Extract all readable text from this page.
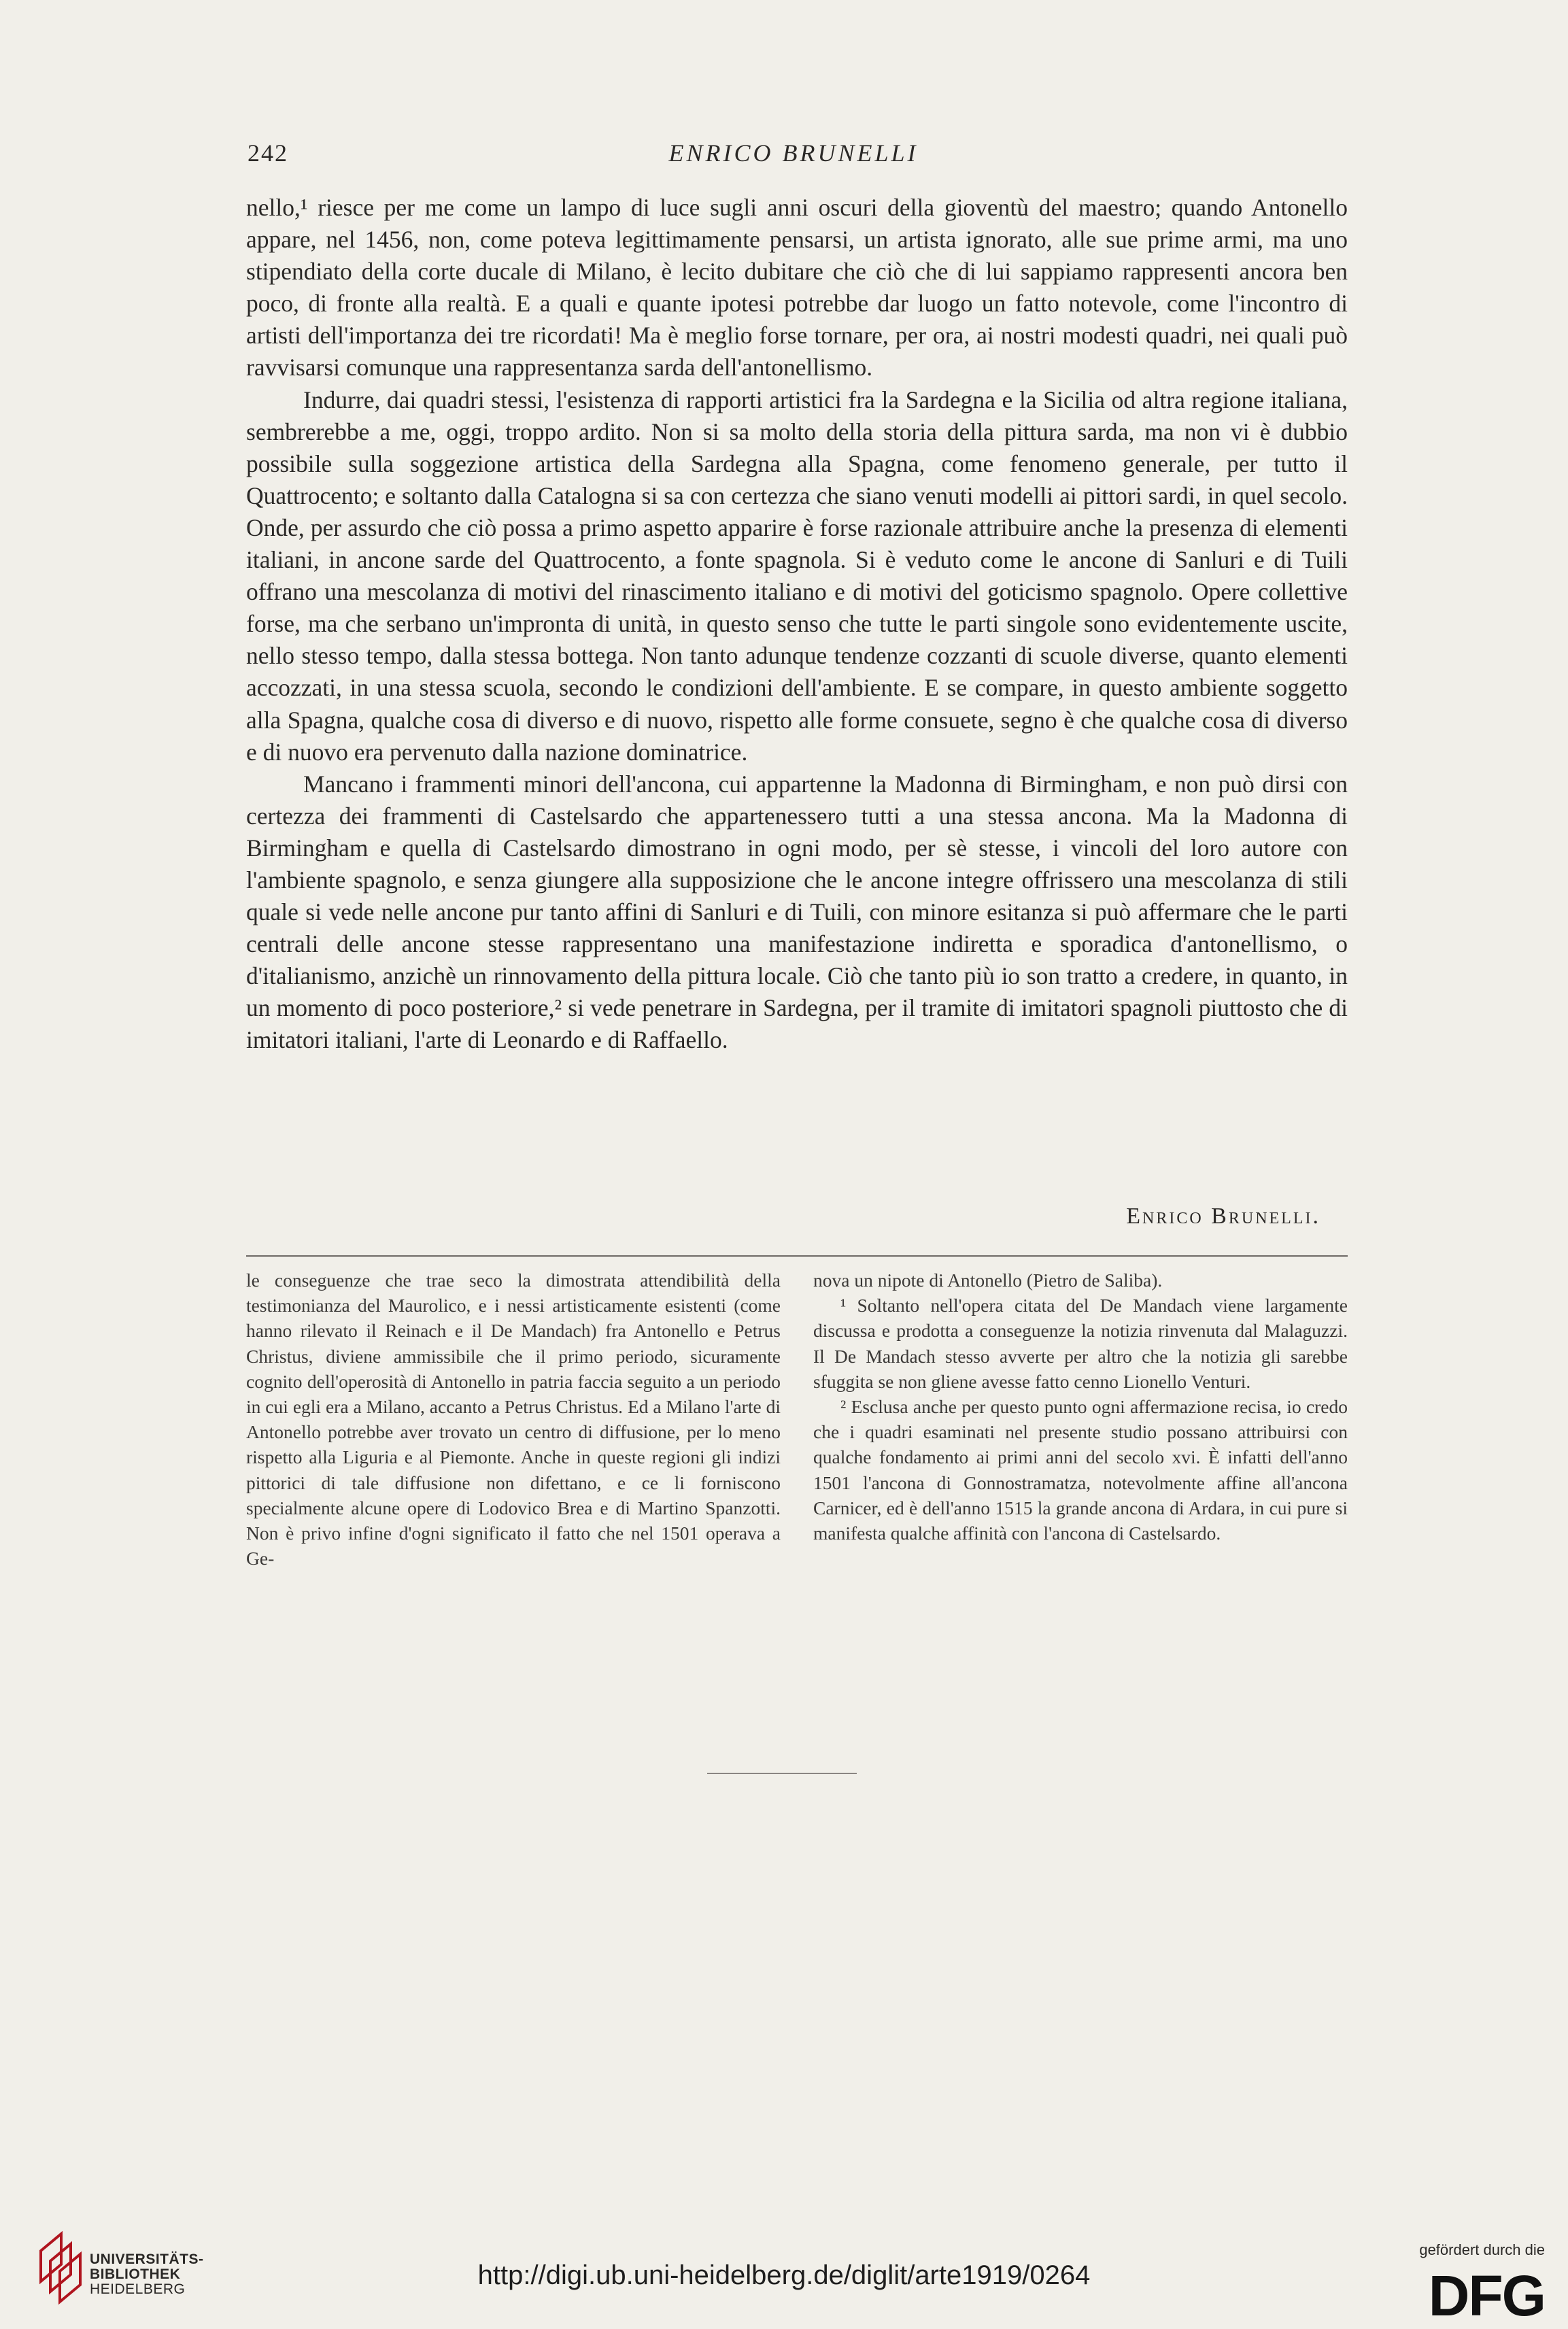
242	ENRICO BRUNELLI

nello,¹ riesce per me come un lampo di luce sugli anni oscuri della gioventù del maestro; quando Antonello appare, nel 1456, non, come poteva legittimamente pensarsi, un artista ignorato, alle sue prime armi, ma uno stipendiato della corte ducale di Milano, è lecito dubitare che ciò che di lui sappiamo rappresenti ancora ben poco, di fronte alla realtà. E a quali e quante ipotesi potrebbe dar luogo un fatto notevole, come l'incontro di artisti dell'importanza dei tre ricordati! Ma è meglio forse tornare, per ora, ai nostri modesti quadri, nei quali può ravvisarsi comunque una rappresentanza sarda dell'antonellismo.

Indurre, dai quadri stessi, l'esistenza di rapporti artistici fra la Sardegna e la Sicilia od altra regione italiana, sembrerebbe a me, oggi, troppo ardito. Non si sa molto della storia della pittura sarda, ma non vi è dubbio possibile sulla soggezione artistica della Sardegna alla Spagna, come fenomeno generale, per tutto il Quattrocento; e soltanto dalla Catalogna si sa con certezza che siano venuti modelli ai pittori sardi, in quel secolo. Onde, per assurdo che ciò possa a primo aspetto apparire è forse razionale attribuire anche la presenza di elementi italiani, in ancone sarde del Quattrocento, a fonte spagnola. Si è veduto come le ancone di Sanluri e di Tuili offrano una mescolanza di motivi del rinascimento italiano e di motivi del goticismo spagnolo. Opere collettive forse, ma che serbano un'impronta di unità, in questo senso che tutte le parti singole sono evidentemente uscite, nello stesso tempo, dalla stessa bottega. Non tanto adunque tendenze cozzanti di scuole diverse, quanto elementi accozzati, in una stessa scuola, secondo le condizioni dell'ambiente. E se compare, in questo ambiente soggetto alla Spagna, qualche cosa di diverso e di nuovo, rispetto alle forme consuete, segno è che qualche cosa di diverso e di nuovo era pervenuto dalla nazione dominatrice.

Mancano i frammenti minori dell'ancona, cui appartenne la Madonna di Birmingham, e non può dirsi con certezza dei frammenti di Castelsardo che appartenessero tutti a una stessa ancona. Ma la Madonna di Birmingham e quella di Castelsardo dimostrano in ogni modo, per sè stesse, i vincoli del loro autore con l'ambiente spagnolo, e senza giungere alla supposizione che le ancone integre offrissero una mescolanza di stili quale si vede nelle ancone pur tanto affini di Sanluri e di Tuili, con minore esitanza si può affermare che le parti centrali delle ancone stesse rappresentano una manifestazione indiretta e sporadica d'antonellismo, o d'italianismo, anzichè un rinnovamento della pittura locale. Ciò che tanto più io son tratto a credere, in quanto, in un momento di poco posteriore,² si vede penetrare in Sardegna, per il tramite di imitatori spagnoli piuttosto che di imitatori italiani, l'arte di Leonardo e di Raffaello.

Enrico Brunelli.

le conseguenze che trae seco la dimostrata attendibilità della testimonianza del Maurolico, e i nessi artisticamente esistenti (come hanno rilevato il Reinach e il De Mandach) fra Antonello e Petrus Christus, diviene ammissibile che il primo periodo, sicuramente cognito dell'operosità di Antonello in patria faccia seguito a un periodo in cui egli era a Milano, accanto a Petrus Christus. Ed a Milano l'arte di Antonello potrebbe aver trovato un centro di diffusione, per lo meno rispetto alla Liguria e al Piemonte. Anche in queste regioni gli indizi pittorici di tale diffusione non difettano, e ce li forniscono specialmente alcune opere di Lodovico Brea e di Martino Spanzotti. Non è privo infine d'ogni significato il fatto che nel 1501 operava a Ge-

nova un nipote di Antonello (Pietro de Saliba).

¹ Soltanto nell'opera citata del De Mandach viene largamente discussa e prodotta a conseguenze la notizia rinvenuta dal Malaguzzi. Il De Mandach stesso avverte per altro che la notizia gli sarebbe sfuggita se non gliene avesse fatto cenno Lionello Venturi.

² Esclusa anche per questo punto ogni affermazione recisa, io credo che i quadri esaminati nel presente studio possano attribuirsi con qualche fondamento ai primi anni del secolo xvi. È infatti dell'anno 1501 l'ancona di Gonnostramatza, notevolmente affine all'ancona Carnicer, ed è dell'anno 1515 la grande ancona di Ardara, in cui pure si manifesta qualche affinità con l'ancona di Castelsardo.

UNIVERSITÄTS-
BIBLIOTHEK
HEIDELBERG	http://digi.ub.uni-heidelberg.de/diglit/arte1919/0264
gefördert durch die
DFG
